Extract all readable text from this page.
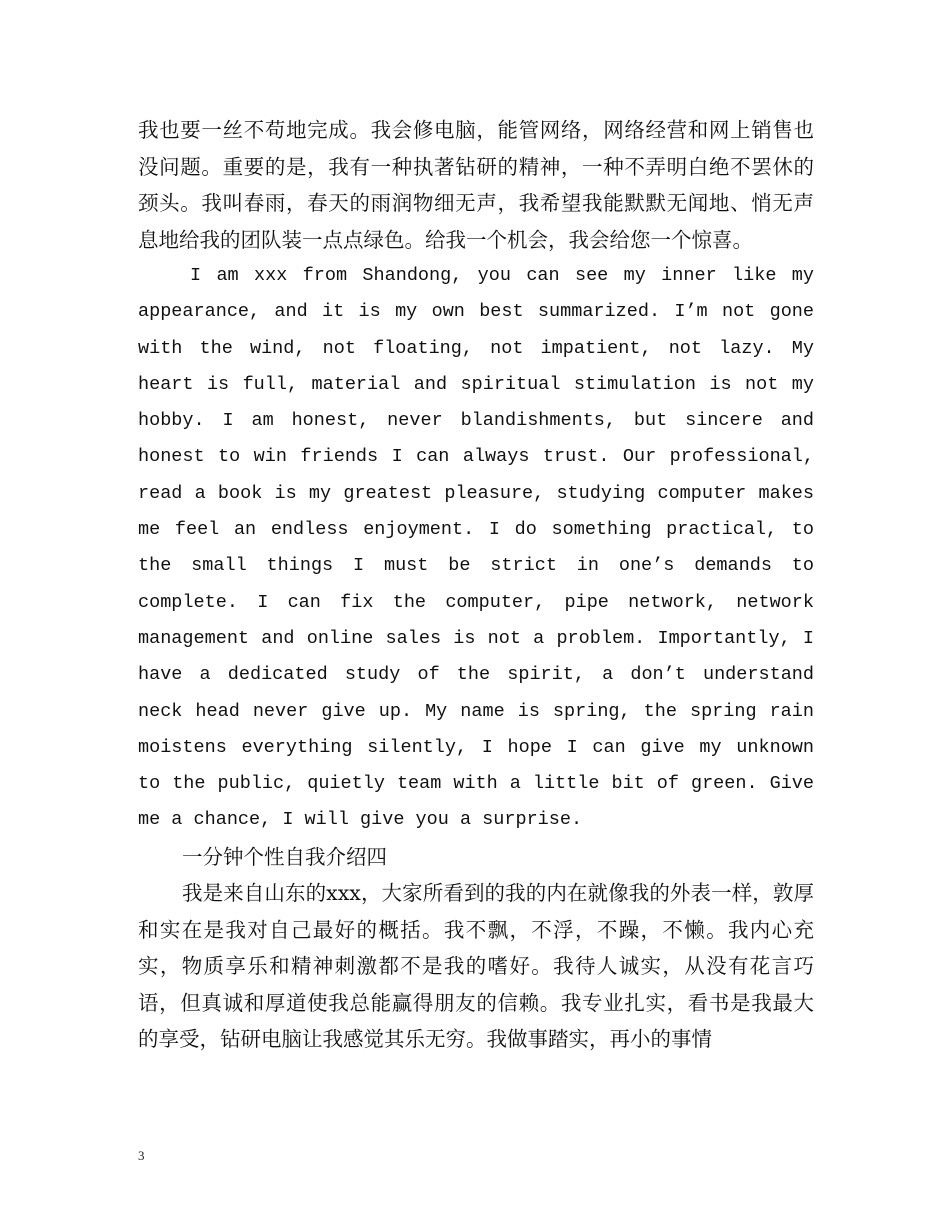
我也要一丝不苟地完成。我会修电脑，能管网络，网络经营和网上销售也没问题。重要的是，我有一种执著钻研的精神，一种不弄明白绝不罢休的颈头。我叫春雨，春天的雨润物细无声，我希望我能默默无闻地、悄无声息地给我的团队装一点点绿色。给我一个机会，我会给您一个惊喜。

I am xxx from Shandong, you can see my inner like my appearance, and it is my own best summarized. I’m not gone with the wind, not floating, not impatient, not lazy. My heart is full, material and spiritual stimulation is not my hobby. I am honest, never blandishments, but sincere and honest to win friends I can always trust. Our professional, read a book is my greatest pleasure, studying computer makes me feel an endless enjoyment. I do something practical, to the small things I must be strict in one’s demands to complete. I can fix the computer, pipe network, network management and online sales is not a problem. Importantly, I have a dedicated study of the spirit, a don’t understand neck head never give up. My name is spring, the spring rain moistens everything silently, I hope I can give my unknown to the public, quietly team with a little bit of green. Give me a chance, I will give you a surprise.

一分钟个性自我介绍四

我是来自山东的xxx，大家所看到的我的内在就像我的外表一样，敦厚和实在是我对自己最好的概括。我不飘，不浮，不躁，不懒。我内心充实，物质享乐和精神刺激都不是我的嗜好。我待人诚实，从没有花言巧语，但真诚和厚道使我总能赢得朋友的信赖。我专业扎实，看书是我最大的享受，钻研电脑让我感觉其乐无穷。我做事踏实，再小的事情

3
